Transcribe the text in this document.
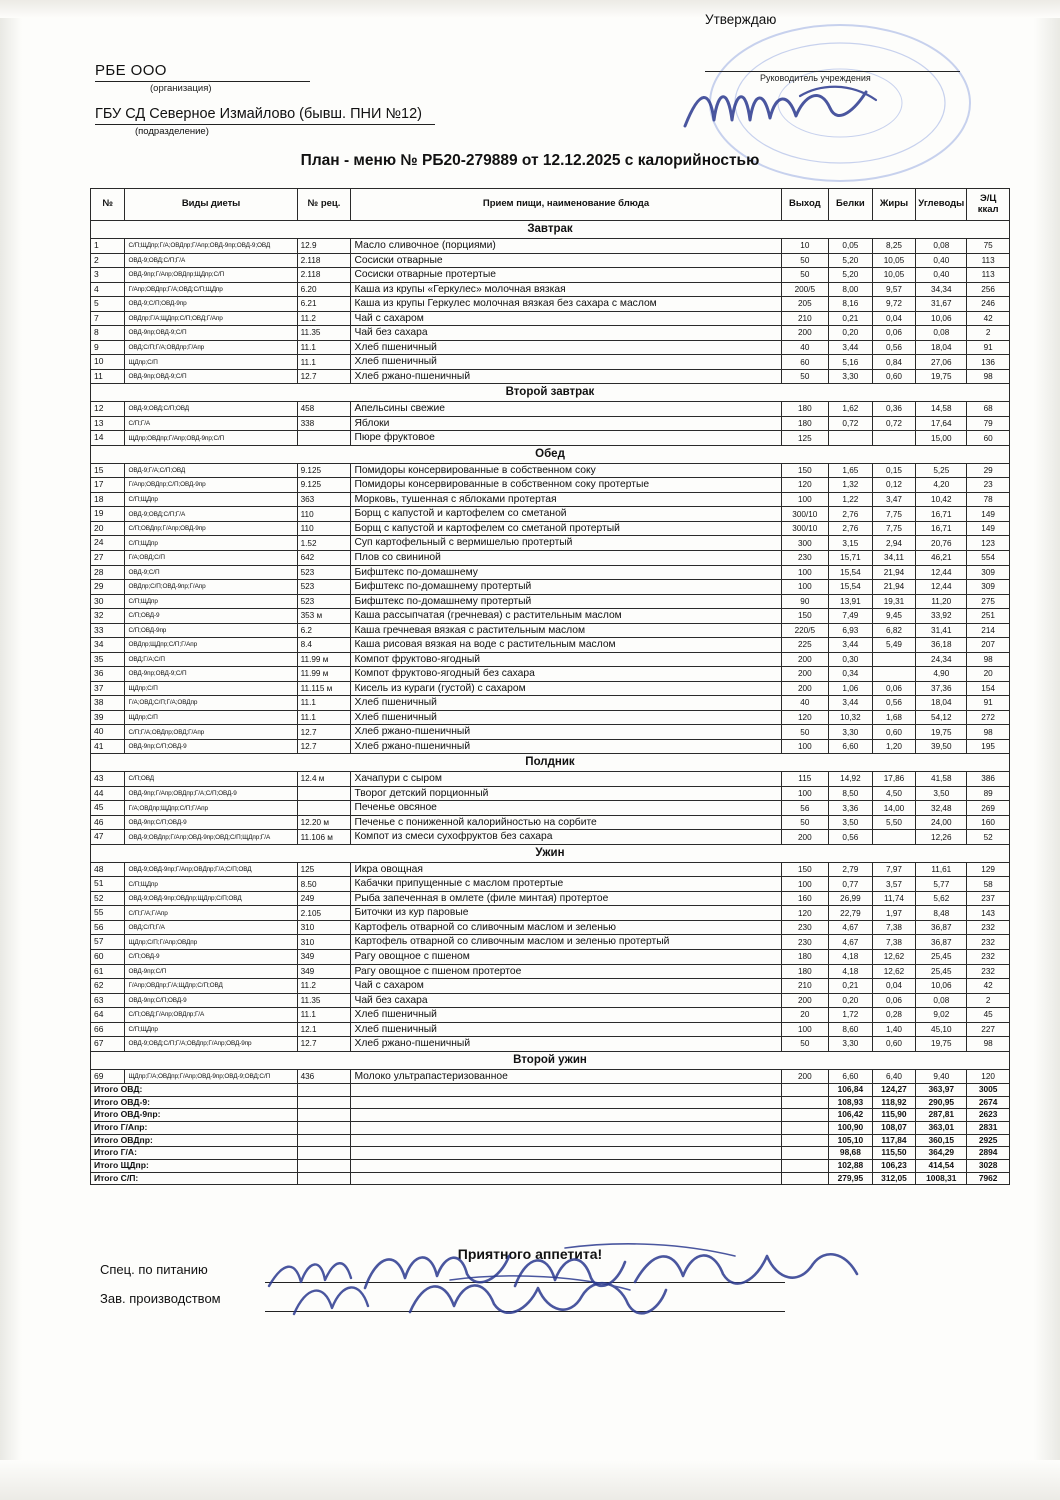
РБЕ ООО
(организация)
ГБУ СД Северное Измайлово (бывш. ПНИ №12)
(подразделение)
Утверждаю
Руководитель учреждения
План - меню № РБ20-279889 от 12.12.2025 с калорийностью
№	Виды диеты	№ рец.	Прием пищи, наименование блюда	Выход	Белки	Жиры	Углеводы	Э/Ц ккал
Завтрак								
1	С/П;ЩДпр;Г/А;ОВДпр;Г/Апр;ОВД-9пр;ОВД-9;ОВД	12.9	Масло сливочное (порциями)	10	0,05	8,25	0,08	75
2	ОВД-9;ОВД;С/П;Г/А	2.118	Сосиски отварные	50	5,20	10,05	0,40	113
3	ОВД-9пр;Г/Апр;ОВДпр;ЩДпр;С/П	2.118	Сосиски отварные протертые	50	5,20	10,05	0,40	113
4	Г/Апр;ОВДпр;Г/А;ОВД;С/П;ЩДпр	6.20	Каша из крупы «Геркулес» молочная вязкая	200/5	8,00	9,57	34,34	256
5	ОВД-9;С/П;ОВД-9пр	6.21	Каша из крупы Геркулес молочная вязкая без сахара с маслом	205	8,16	9,72	31,67	246
7	ОВДпр;Г/А;ЩДпр;С/П;ОВД;Г/Апр	11.2	Чай с сахаром	210	0,21	0,04	10,06	42
8	ОВД-9пр;ОВД-9;С/П	11.35	Чай без сахара	200	0,20	0,06	0,08	2
9	ОВД;С/П;Г/А;ОВДпр;Г/Апр	11.1	Хлеб пшеничный	40	3,44	0,56	18,04	91
10	ЩДпр;С/П	11.1	Хлеб пшеничный	60	5,16	0,84	27,06	136
11	ОВД-9пр;ОВД-9;С/П	12.7	Хлеб ржано-пшеничный	50	3,30	0,60	19,75	98
Второй завтрак								
12	ОВД-9;ОВД;С/П;ОВД	458	Апельсины свежие	180	1,62	0,36	14,58	68
13	С/П;Г/А	338	Яблоки	180	0,72	0,72	17,64	79
14	ЩДпр;ОВДпр;Г/Апр;ОВД-9пр;С/П		Пюре фруктовое	125			15,00	60
Обед								
15	ОВД-9;Г/А;С/П;ОВД	9.125	Помидоры консервированные в собственном соку	150	1,65	0,15	5,25	29
17	Г/Апр;ОВДпр;С/П;ОВД-9пр	9.125	Помидоры консервированные в собственном соку протертые	120	1,32	0,12	4,20	23
18	С/П;ЩДпр	363	Морковь, тушенная с яблоками протертая	100	1,22	3,47	10,42	78
19	ОВД-9;ОВД;С/П;Г/А	110	Борщ с капустой и картофелем со сметаной	300/10	2,76	7,75	16,71	149
20	С/П;ОВДпр;Г/Апр;ОВД-9пр	110	Борщ с капустой и картофелем со сметаной протертый	300/10	2,76	7,75	16,71	149
24	С/П;ЩДпр	1.52	Суп картофельный с вермишелью протертый	300	3,15	2,94	20,76	123
27	Г/А;ОВД;С/П	642	Плов со свининой	230	15,71	34,11	46,21	554
28	ОВД-9;С/П	523	Бифштекс по-домашнему	100	15,54	21,94	12,44	309
29	ОВДпр;С/П;ОВД-9пр;Г/Апр	523	Бифштекс по-домашнему протертый	100	15,54	21,94	12,44	309
30	С/П;ЩДпр	523	Бифштекс по-домашнему протертый	90	13,91	19,31	11,20	275
32	С/П;ОВД-9	353 м	Каша рассыпчатая (гречневая) с растительным маслом	150	7,49	9,45	33,92	251
33	С/П;ОВД-9пр	6.2	Каша гречневая вязкая с растительным маслом	220/5	6,93	6,82	31,41	214
34	ОВДпр;ЩДпр;С/П;Г/Апр	8.4	Каша рисовая вязкая на воде с растительным маслом	225	3,44	5,49	36,18	207
35	ОВД;Г/А;С/П	11.99 м	Компот фруктово-ягодный	200	0,30		24,34	98
36	ОВД-9пр;ОВД-9;С/П	11.99 м	Компот фруктово-ягодный без сахара	200	0,34		4,90	20
37	ЩДпр;С/П	11.115 м	Кисель из кураги (густой) с сахаром	200	1,06	0,06	37,36	154
38	Г/А;ОВД;С/П;Г/А;ОВДпр	11.1	Хлеб пшеничный	40	3,44	0,56	18,04	91
39	ЩДпр;С/П	11.1	Хлеб пшеничный	120	10,32	1,68	54,12	272
40	С/П;Г/А;ОВДпр;ОВД;Г/Апр	12.7	Хлеб ржано-пшеничный	50	3,30	0,60	19,75	98
41	ОВД-9пр;С/П;ОВД-9	12.7	Хлеб ржано-пшеничный	100	6,60	1,20	39,50	195
Полдник								
43	С/П;ОВД	12.4 м	Хачапури с сыром	115	14,92	17,86	41,58	386
44	ОВД-9пр;Г/Апр;ОВДпр;Г/А;С/П;ОВД-9		Творог детский порционный	100	8,50	4,50	3,50	89
45	Г/А;ОВДпр;ЩДпр;С/П;Г/Апр		Печенье овсяное	56	3,36	14,00	32,48	269
46	ОВД-9пр;С/П;ОВД-9	12.20 м	Печенье с пониженной калорийностью на сорбите	50	3,50	5,50	24,00	160
47	ОВД-9;ОВДпр;Г/Апр;ОВД-9пр;ОВД;С/П;ЩДпр;Г/А	11.106 м	Компот из смеси сухофруктов без сахара	200	0,56		12,26	52
Ужин								
48	ОВД-9;ОВД-9пр;Г/Апр;ОВДпр;Г/А;С/П;ОВД	125	Икра овощная	150	2,79	7,97	11,61	129
51	С/П;ЩДпр	8.50	Кабачки припущенные с маслом протертые	100	0,77	3,57	5,77	58
52	ОВД-9;ОВД-9пр;ОВДпр;ЩДпр;С/П;ОВД	249	Рыба запеченная в омлете (филе минтая) протертое	160	26,99	11,74	5,62	237
55	С/П;Г/А;Г/Апр	2.105	Биточки из кур паровые	120	22,79	1,97	8,48	143
56	ОВД;С/П;Г/А	310	Картофель отварной со сливочным маслом и зеленью	230	4,67	7,38	36,87	232
57	ЩДпр;С/П;Г/Апр;ОВДпр	310	Картофель отварной со сливочным маслом и зеленью протертый	230	4,67	7,38	36,87	232
60	С/П;ОВД-9	349	Рагу овощное с пшеном	180	4,18	12,62	25,45	232
61	ОВД-9пр;С/П	349	Рагу овощное с пшеном протертое	180	4,18	12,62	25,45	232
62	Г/Апр;ОВДпр;Г/А;ЩДпр;С/П;ОВД	11.2	Чай с сахаром	210	0,21	0,04	10,06	42
63	ОВД-9пр;С/П;ОВД-9	11.35	Чай без сахара	200	0,20	0,06	0,08	2
64	С/П;ОВД;Г/Апр;ОВДпр;Г/А	11.1	Хлеб пшеничный	20	1,72	0,28	9,02	45
66	С/П;ЩДпр	12.1	Хлеб пшеничный	100	8,60	1,40	45,10	227
67	ОВД-9;ОВД;С/П;Г/А;ОВДпр;Г/Апр;ОВД-9пр	12.7	Хлеб ржано-пшеничный	50	3,30	0,60	19,75	98
Второй ужин								
69	ЩДпр;Г/А;ОВДпр;Г/Апр;ОВД-9пр;ОВД-9;ОВД;С/П	436	Молоко ультрапастеризованное	200	6,60	6,40	9,40	120
Итого ОВД:					106,84	124,27	363,97	3005
Итого ОВД-9:					108,93	118,92	290,95	2674
Итого ОВД-9пр:					106,42	115,90	287,81	2623
Итого Г/Апр:					100,90	108,07	363,01	2831
Итого ОВДпр:					105,10	117,84	360,15	2925
Итого Г/А:					98,68	115,50	364,29	2894
Итого ЩДпр:					102,88	106,23	414,54	3028
Итого С/П:					279,95	312,05	1008,31	7962
Приятного аппетита!
Спец. по питанию
Зав. производством
